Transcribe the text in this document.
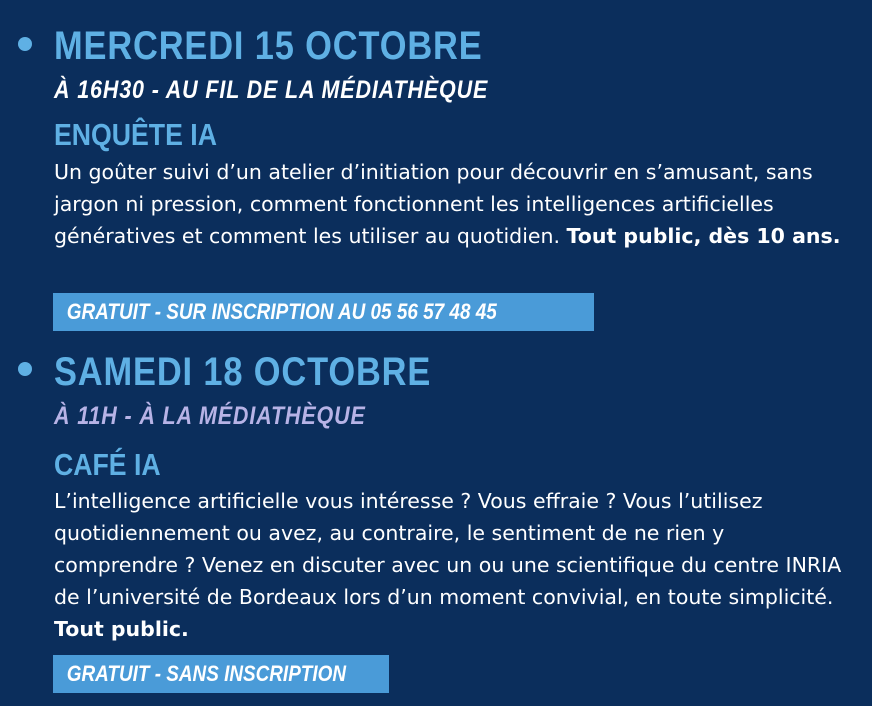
MERCREDI 15 OCTOBRE
À 16H30 - AU FIL DE LA MÉDIATHÈQUE
ENQUÊTE IA

Un goûter suivi d’un atelier d’initiation pour découvrir en s’amusant, sans jargon ni pression, comment fonctionnent les intelligences artificielles génératives et comment les utiliser au quotidien. Tout public, dès 10 ans.

GRATUIT - SUR INSCRIPTION AU 05 56 57 48 45
SAMEDI 18 OCTOBRE
À 11H - À LA MÉDIATHÈQUE
CAFÉ IA

L’intelligence artificielle vous intéresse ? Vous effraie ? Vous l’utilisez quotidiennement ou avez, au contraire, le sentiment de ne rien y comprendre ? Venez en discuter avec un ou une scientifique du centre INRIA de l’université de Bordeaux lors d’un moment convivial, en toute simplicité. Tout public.

GRATUIT - SANS INSCRIPTION
